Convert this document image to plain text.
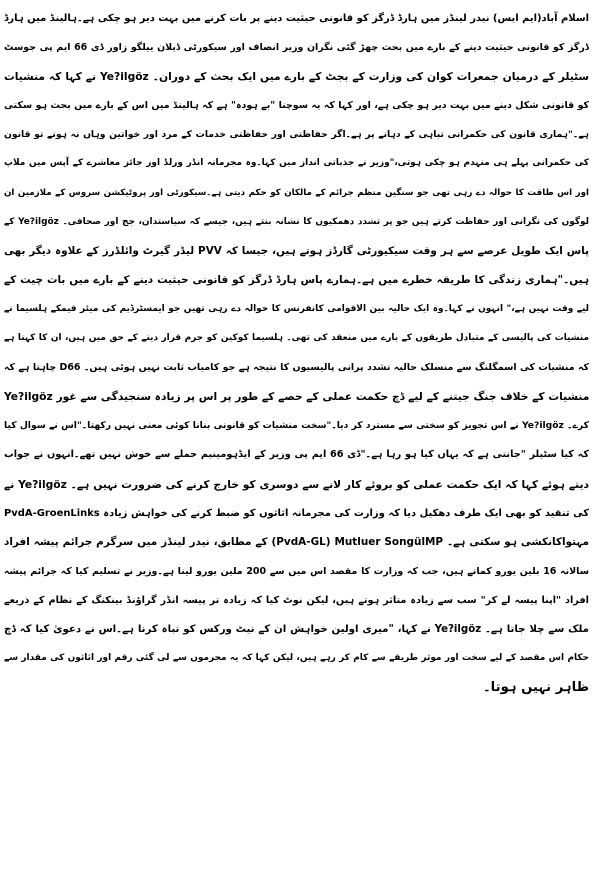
اسلام آباد(ایم ایس) نیدر لینڈز میں ہارڈ ڈرگز کو قانونی حیثیت دینے پر بات کرنے میں بہت دیر ہو چکی ہے۔ہالینڈ میں ہارڈ

ڈرگز کو قانونی حیثیت دینے کے بارے میں بحث چھڑ گئی نگران وزیر انصاف اور سیکورٹی ڈیلان ییلگو زاور ڈی 66 ایم پی جوسٹ

سٹیلر کے درمیان جمعرات کوان کی وزارت کے بجٹ کے بارے میں ایک بحث کے دوران۔ Ye?ilgöz نے کہا کہ منشیات

کو قانونی شکل دینے میں بہت دیر ہو چکی ہے، اور کہا کہ یہ سوچنا "بے ہودہ" ہے کہ ہالینڈ میں اس کے بارے میں بحث ہو سکتی

ہے۔"ہماری قانون کی حکمرانی تباہی کے دہانے پر ہے۔اگر حفاظتی اور حفاظتی خدمات کے مرد اور خواتین وہاں نہ ہوتے تو قانون

کی حکمرانی پہلے ہی منہدم ہو چکی ہوتی،"وزیر نے جذباتی انداز میں کہا۔وہ مجرمانہ انڈر ورلڈ اور جائز معاشرے کے آپس میں ملاپ

اور اس طاقت کا حوالہ دے رہی تھی جو سنگین منظم جرائم کے مالکان کو حکم دیتی ہے۔سیکورٹی اور پروٹیکشن سروس کے ملازمین ان

لوگوں کی نگرانی اور حفاظت کرتے ہیں جو پر تشدد دھمکیوں کا نشانہ بنتے ہیں، جیسے کہ سیاستدان، جج اور صحافی۔ Ye?ilgöz کے

پاس ایک طویل عرصے سے ہر وقت سیکیورٹی گارڈز ہوتے ہیں، جیسا کہ PVV لیڈر گیرٹ وائلڈرز کے علاوہ دیگر بھی

ہیں۔"ہماری زندگی کا طریقہ خطرے میں ہے۔ہمارے پاس ہارڈ ڈرگز کو قانونی حیثیت دینے کے بارے میں بات چیت کے

لیے وقت نہیں ہے،" انہوں نے کہا۔وہ ایک حالیہ بین الاقوامی کانفرنس کا حوالہ دے رہی تھیں جو ایمسٹرڈیم کی میئر فیمکے ہلسیما نے

منشیات کی پالیسی کے متبادل طریقوں کے بارے میں منعقد کی تھی۔ ہلسیما کوکین کو جرم قرار دینے کے حق میں ہیں، ان کا کہنا ہے

کہ منشیات کی اسمگلنگ سے منسلک حالیہ تشدد پرانی پالیسیوں کا نتیجہ ہے جو کامیاب ثابت نہیں ہوئی ہیں۔ D66 چاہتا ہے کہ

Ye?ilgöz منشیات کے خلاف جنگ جیتنے کے لیے ڈچ حکمت عملی کے حصے کے طور پر اس پر زیادہ سنجیدگی سے غور

کرے۔ Ye?ilgöz نے اس تجویز کو سختی سے مسترد کر دیا۔"سخت منشیات کو قانونی بنانا کوئی معنی نہیں رکھتا۔"اس نے سوال کیا

کہ کیا سٹیلر "جانتی ہے کہ یہاں کیا ہو رہا ہے۔"ڈی 66 ایم پی وزیر کے ایڈہومینیم حملے سے خوش نہیں تھے۔انہوں نے جواب

دیتے ہوئے کہا کہ ایک حکمت عملی کو بروئے کار لانے سے دوسری کو خارج کرنے کی ضرورت نہیں ہے۔ Ye?ilgöz نے

PvdA-GroenLinks کی تنقید کو بھی ایک طرف دھکیل دیا کہ وزارت کی مجرمانہ اثاثوں کو ضبط کرنے کی خواہش زیادہ

مہتواکانکشی ہو سکتی ہے۔ PvdA-GL) Mutluer SongülMP) کے مطابق، نیدر لینڈز میں سرگرم جرائم پیشہ افراد

سالانہ 16 بلین یورو کماتے ہیں، جب کہ وزارت کا مقصد اس میں سے 200 ملین یورو لینا ہے۔وزیر نے تسلیم کیا کہ جرائم پیشہ

افراد "اپنا پیسہ لے کر" سب سے زیادہ متاثر ہوتے ہیں، لیکن نوٹ کیا کہ زیادہ تر پیسہ انڈر گراؤنڈ بینکنگ کے نظام کے ذریعے

ملک سے چلا جاتا ہے۔ Ye?ilgöz نے کہا، "میری اولین خواہش ان کے نیٹ ورکس کو تباہ کرنا ہے۔اس نے دعویٰ کیا کہ ڈچ

حکام اس مقصد کے لیے سخت اور موثر طریقے سے کام کر رہے ہیں، لیکن کہا کہ یہ مجرموں سے لی گئی رقم اور اثاثوں کی مقدار سے

ظاہر نہیں ہوتا۔
